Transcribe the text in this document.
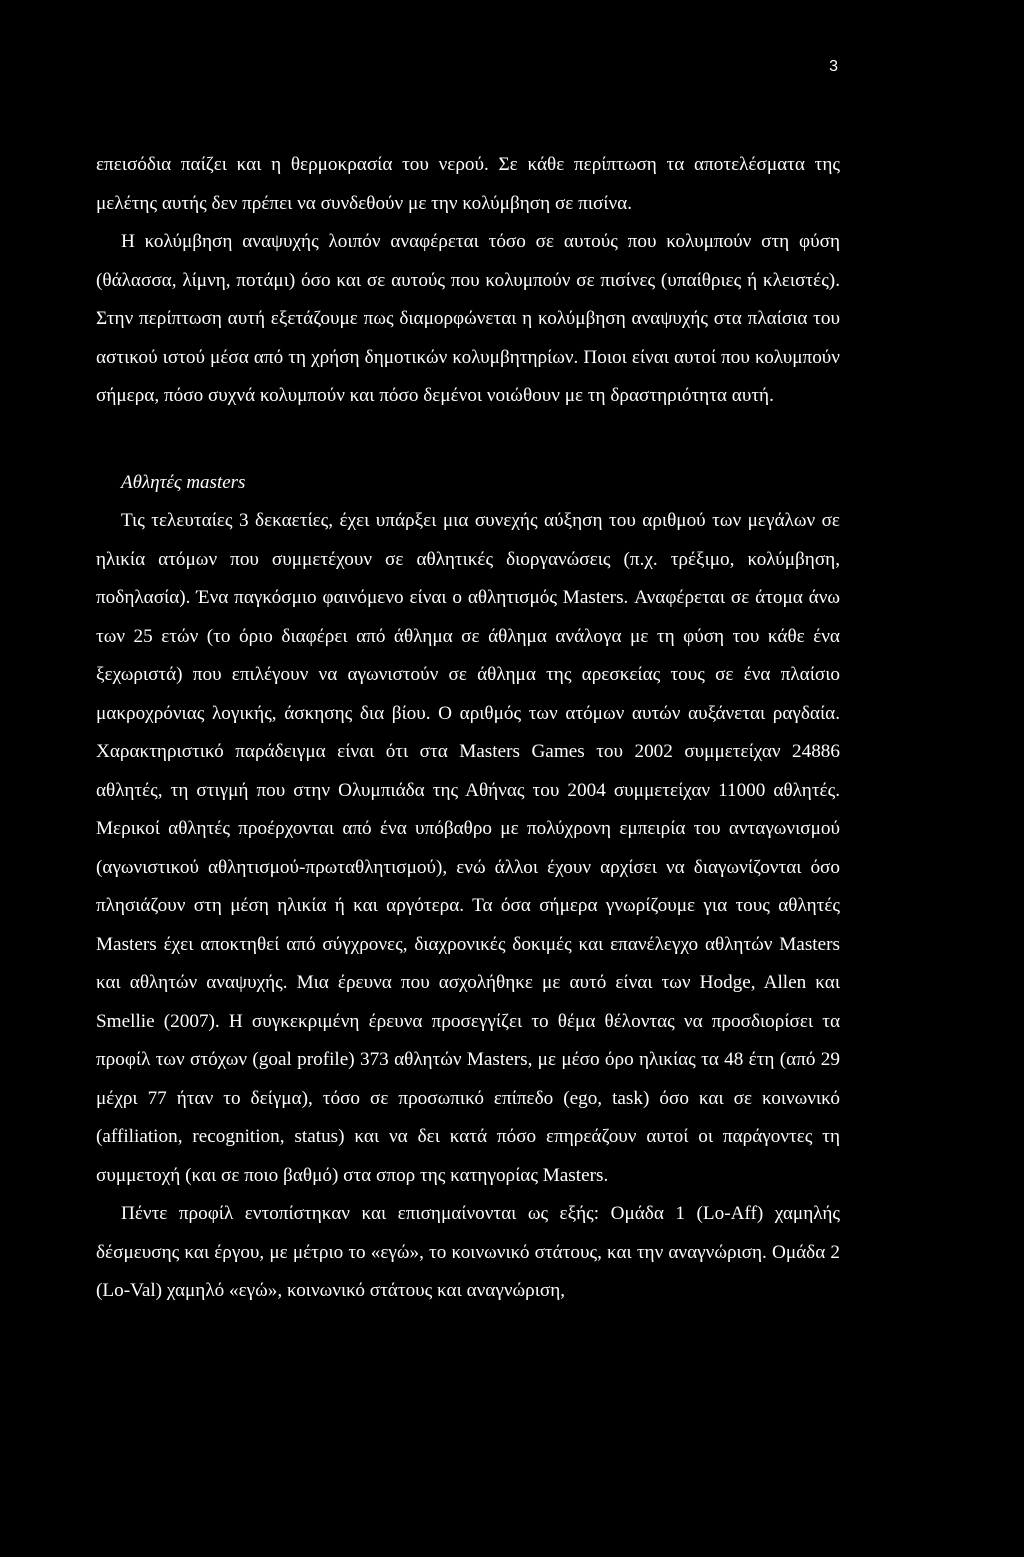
3

επεισόδια παίζει και η θερμοκρασία του νερού. Σε κάθε περίπτωση τα αποτελέσματα της μελέτης αυτής δεν πρέπει να συνδεθούν με την κολύμβηση σε πισίνα.

Η κολύμβηση αναψυχής λοιπόν αναφέρεται τόσο σε αυτούς που κολυμπούν στη φύση (θάλασσα, λίμνη, ποτάμι) όσο και σε αυτούς που κολυμπούν σε πισίνες (υπαίθριες ή κλειστές). Στην περίπτωση αυτή εξετάζουμε πως διαμορφώνεται η κολύμβηση αναψυχής στα πλαίσια του αστικού ιστού μέσα από τη χρήση δημοτικών κολυμβητηρίων. Ποιοι είναι αυτοί που κολυμπούν σήμερα, πόσο συχνά κολυμπούν και πόσο δεμένοι νοιώθουν με τη δραστηριότητα αυτή.

Αθλητές masters

Τις τελευταίες 3 δεκαετίες, έχει υπάρξει μια συνεχής αύξηση του αριθμού των μεγάλων σε ηλικία ατόμων που συμμετέχουν σε αθλητικές διοργανώσεις (π.χ. τρέξιμο, κολύμβηση, ποδηλασία). Ένα παγκόσμιο φαινόμενο είναι ο αθλητισμός Masters. Αναφέρεται σε άτομα άνω των 25 ετών (το όριο διαφέρει από άθλημα σε άθλημα ανάλογα με τη φύση του κάθε ένα ξεχωριστά) που επιλέγουν να αγωνιστούν σε άθλημα της αρεσκείας τους σε ένα πλαίσιο μακροχρόνιας λογικής, άσκησης δια βίου. Ο αριθμός των ατόμων αυτών αυξάνεται ραγδαία. Χαρακτηριστικό παράδειγμα είναι ότι στα Masters Games του 2002 συμμετείχαν 24886 αθλητές, τη στιγμή που στην Ολυμπιάδα της Αθήνας του 2004 συμμετείχαν 11000 αθλητές. Μερικοί αθλητές προέρχονται από ένα υπόβαθρο με πολύχρονη εμπειρία του ανταγωνισμού (αγωνιστικού αθλητισμού-πρωταθλητισμού), ενώ άλλοι έχουν αρχίσει να διαγωνίζονται όσο πλησιάζουν στη μέση ηλικία ή και αργότερα. Τα όσα σήμερα γνωρίζουμε για τους αθλητές Masters έχει αποκτηθεί από σύγχρονες, διαχρονικές δοκιμές και επανέλεγχο αθλητών Masters και αθλητών αναψυχής. Μια έρευνα που ασχολήθηκε με αυτό είναι των Hodge, Allen και Smellie (2007). Η συγκεκριμένη έρευνα προσεγγίζει το θέμα θέλοντας να προσδιορίσει τα προφίλ των στόχων (goal profile) 373 αθλητών Masters, με μέσο όρο ηλικίας τα 48 έτη (από 29 μέχρι 77 ήταν το δείγμα), τόσο σε προσωπικό επίπεδο (ego, task) όσο και σε κοινωνικό (affiliation, recognition, status) και να δει κατά πόσο επηρεάζουν αυτοί οι παράγοντες τη συμμετοχή (και σε ποιο βαθμό) στα σπορ της κατηγορίας Masters.

Πέντε προφίλ εντοπίστηκαν και επισημαίνονται ως εξής: Ομάδα 1 (Lo-Aff) χαμηλής δέσμευσης και έργου, με μέτριο το «εγώ», το κοινωνικό στάτους, και την αναγνώριση. Ομάδα 2 (Lo-Val) χαμηλό «εγώ», κοινωνικό στάτους και αναγνώριση,
